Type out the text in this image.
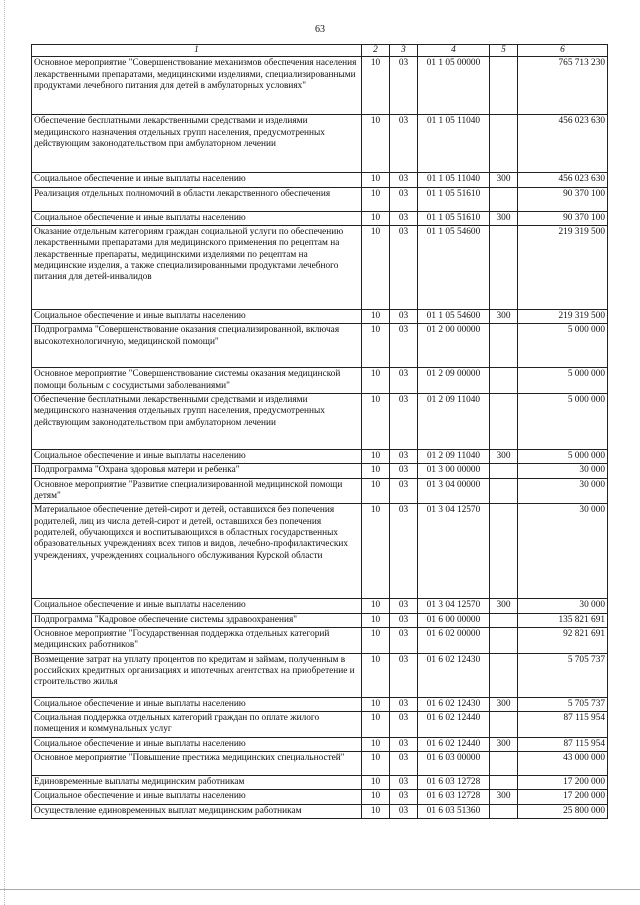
63
1	2	3	4	5	6
Основное мероприятие "Совершенствование механизмов обеспечения населения лекарственными препаратами, медицинскими изделиями, специализированными продуктами лечебного питания для детей в амбулаторных условиях"	10	03	01 1 05 00000		765 713 230
Обеспечение бесплатными лекарственными средствами и изделиями медицинского назначения отдельных групп населения, предусмотренных действующим законодательством при амбулаторном лечении	10	03	01 1 05 11040		456 023 630
Социальное обеспечение и иные выплаты населению	10	03	01 1 05 11040	300	456 023 630
Реализация отдельных полномочий в области лекарственного обеспечения	10	03	01 1 05 51610		90 370 100
Социальное обеспечение и иные выплаты населению	10	03	01 1 05 51610	300	90 370 100
Оказание отдельным категориям граждан социальной услуги по обеспечению лекарственными препаратами для медицинского применения по рецептам на лекарственные препараты, медицинскими изделиями по рецептам на медицинские изделия, а также специализированными продуктами лечебного питания для детей-инвалидов	10	03	01 1 05 54600		219 319 500
Социальное обеспечение и иные выплаты населению	10	03	01 1 05 54600	300	219 319 500
Подпрограмма "Совершенствование оказания специализированной, включая высокотехнологичную, медицинской помощи"	10	03	01 2 00 00000		5 000 000
Основное мероприятие "Совершенствование системы оказания медицинской помощи больным с сосудистыми заболеваниями"	10	03	01 2 09 00000		5 000 000
Обеспечение бесплатными лекарственными средствами и изделиями медицинского назначения отдельных групп населения, предусмотренных действующим законодательством при амбулаторном лечении	10	03	01 2 09 11040		5 000 000
Социальное обеспечение и иные выплаты населению	10	03	01 2 09 11040	300	5 000 000
Подпрограмма "Охрана здоровья матери и ребенка"	10	03	01 3 00 00000		30 000
Основное мероприятие "Развитие специализированной медицинской помощи детям"	10	03	01 3 04 00000		30 000
Материальное обеспечение детей-сирот и детей, оставшихся без попечения родителей, лиц из числа детей-сирот и детей, оставшихся без попечения родителей, обучающихся и воспитывающихся в областных государственных образовательных учреждениях всех типов и видов, лечебно-профилактических учреждениях, учреждениях социального обслуживания Курской области	10	03	01 3 04 12570		30 000
Социальное обеспечение и иные выплаты населению	10	03	01 3 04 12570	300	30 000
Подпрограмма "Кадровое обеспечение системы здравоохранения"	10	03	01 6 00 00000		135 821 691
Основное мероприятие "Государственная поддержка отдельных категорий медицинских работников"	10	03	01 6 02 00000		92 821 691
Возмещение затрат на уплату процентов по кредитам и займам, полученным в российских кредитных организациях и ипотечных агентствах на приобретение и строительство жилья	10	03	01 6 02 12430		5 705 737
Социальное обеспечение и иные выплаты населению	10	03	01 6 02 12430	300	5 705 737
Социальная поддержка отдельных категорий граждан по оплате жилого помещения и коммунальных услуг	10	03	01 6 02 12440		87 115 954
Социальное обеспечение и иные выплаты населению	10	03	01 6 02 12440	300	87 115 954
Основное мероприятие "Повышение престижа медицинских специальностей"	10	03	01 6 03 00000		43 000 000
Единовременные выплаты медицинским работникам	10	03	01 6 03 12728		17 200 000
Социальное обеспечение и иные выплаты населению	10	03	01 6 03 12728	300	17 200 000
Осуществление единовременных выплат медицинским работникам	10	03	01 6 03 51360		25 800 000
